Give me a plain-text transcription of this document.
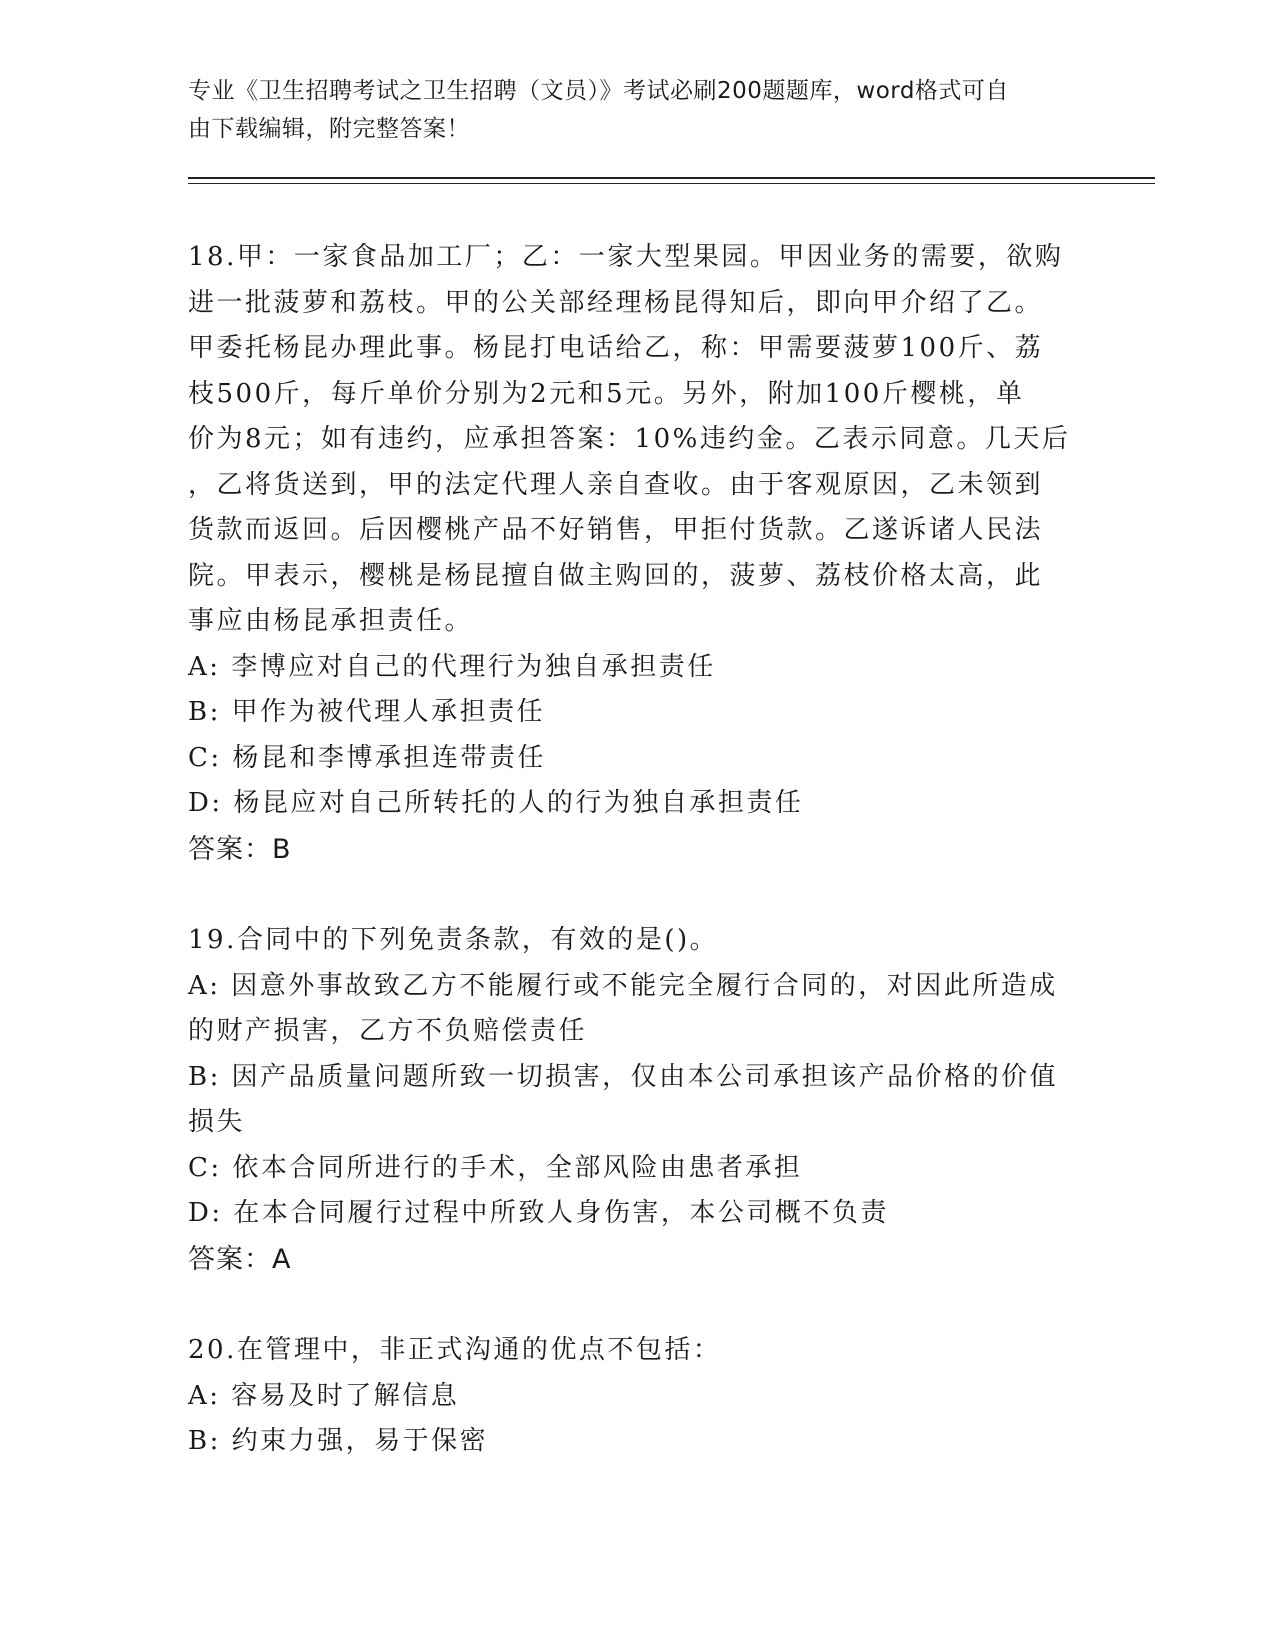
专业《卫生招聘考试之卫生招聘（文员）》考试必刷200题题库，word格式可自
由下载编辑，附完整答案！

18.甲：一家食品加工厂；乙：一家大型果园。甲因业务的需要，欲购

进一批菠萝和荔枝。甲的公关部经理杨昆得知后，即向甲介绍了乙。

甲委托杨昆办理此事。杨昆打电话给乙，称：甲需要菠萝100斤、荔

枝500斤，每斤单价分别为2元和5元。另外，附加100斤樱桃，单

价为8元；如有违约，应承担答案：10%违约金。乙表示同意。几天后

，乙将货送到，甲的法定代理人亲自查收。由于客观原因，乙未领到

货款而返回。后因樱桃产品不好销售，甲拒付货款。乙遂诉诸人民法

院。甲表示，樱桃是杨昆擅自做主购回的，菠萝、荔枝价格太高，此

事应由杨昆承担责任。

A: 李博应对自己的代理行为独自承担责任

B: 甲作为被代理人承担责任

C: 杨昆和李博承担连带责任

D: 杨昆应对自己所转托的人的行为独自承担责任

答案：B

19.合同中的下列免责条款，有效的是()。

A: 因意外事故致乙方不能履行或不能完全履行合同的，对因此所造成

的财产损害，乙方不负赔偿责任

B: 因产品质量问题所致一切损害，仅由本公司承担该产品价格的价值

损失

C: 依本合同所进行的手术，全部风险由患者承担

D: 在本合同履行过程中所致人身伤害，本公司概不负责

答案：A

20.在管理中，非正式沟通的优点不包括：

A: 容易及时了解信息

B: 约束力强，易于保密
